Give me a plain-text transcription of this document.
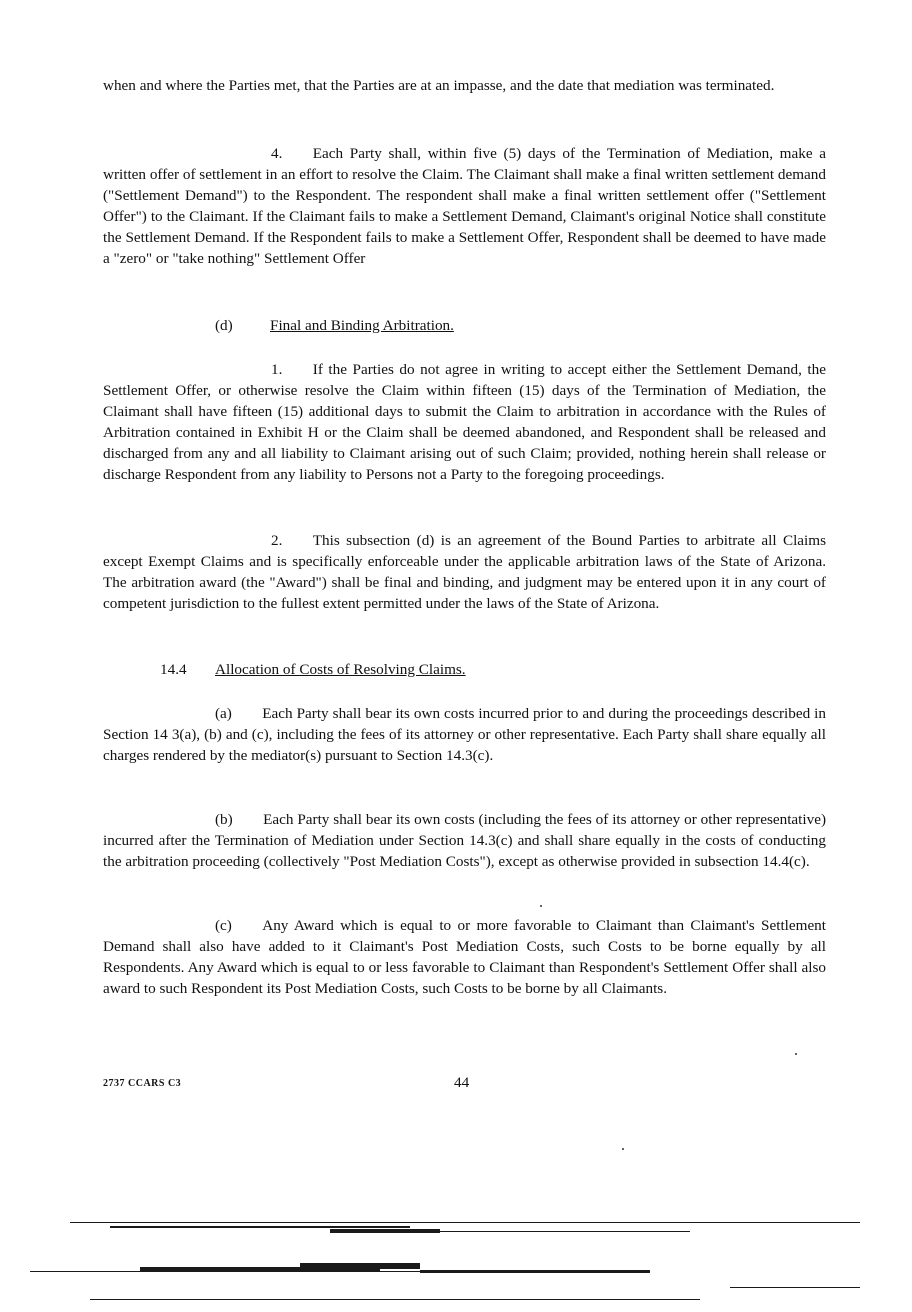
when and where the Parties met, that the Parties are at an impasse, and the date that mediation was terminated.

4.  Each Party shall, within five (5) days of the Termination of Mediation, make a written offer of settlement in an effort to resolve the Claim. The Claimant shall make a final written settlement demand ("Settlement Demand") to the Respondent. The respondent shall make a final written settlement offer ("Settlement Offer") to the Claimant. If the Claimant fails to make a Settlement Demand, Claimant's original Notice shall constitute the Settlement Demand. If the Respondent fails to make a Settlement Offer, Respondent shall be deemed to have made a "zero" or "take nothing" Settlement Offer

(d) Final and Binding Arbitration.

1.  If the Parties do not agree in writing to accept either the Settlement Demand, the Settlement Offer, or otherwise resolve the Claim within fifteen (15) days of the Termination of Mediation, the Claimant shall have fifteen (15) additional days to submit the Claim to arbitration in accordance with the Rules of Arbitration contained in Exhibit H or the Claim shall be deemed abandoned, and Respondent shall be released and discharged from any and all liability to Claimant arising out of such Claim; provided, nothing herein shall release or discharge Respondent from any liability to Persons not a Party to the foregoing proceedings.

2.  This subsection (d) is an agreement of the Bound Parties to arbitrate all Claims except Exempt Claims and is specifically enforceable under the applicable arbitration laws of the State of Arizona. The arbitration award (the "Award") shall be final and binding, and judgment may be entered upon it in any court of competent jurisdiction to the fullest extent permitted under the laws of the State of Arizona.

14.4 Allocation of Costs of Resolving Claims.

(a)  Each Party shall bear its own costs incurred prior to and during the proceedings described in Section 14 3(a), (b) and (c), including the fees of its attorney or other representative. Each Party shall share equally all charges rendered by the mediator(s) pursuant to Section 14.3(c).

(b)  Each Party shall bear its own costs (including the fees of its attorney or other representative) incurred after the Termination of Mediation under Section 14.3(c) and shall share equally in the costs of conducting the arbitration proceeding (collectively "Post Mediation Costs"), except as otherwise provided in subsection 14.4(c).

(c)  Any Award which is equal to or more favorable to Claimant than Claimant's Settlement Demand shall also have added to it Claimant's Post Mediation Costs, such Costs to be borne equally by all Respondents. Any Award which is equal to or less favorable to Claimant than Respondent's Settlement Offer shall also award to such Respondent its Post Mediation Costs, such Costs to be borne by all Claimants.

2737 CCARS C3	44
